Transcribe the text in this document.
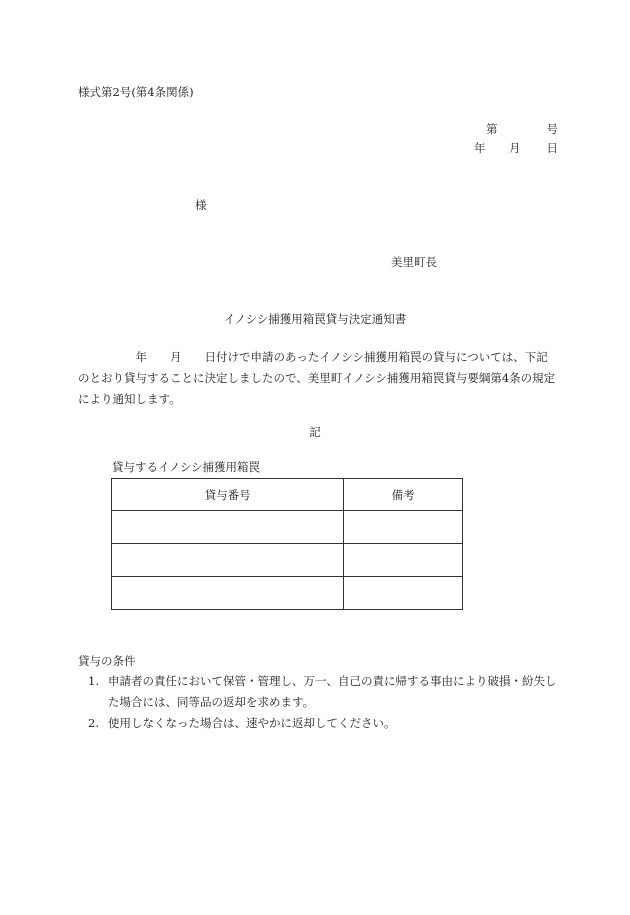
様式第2号(第4条関係)
第	号
年 月 日
様
美里町長
イノシシ捕獲用箱罠貸与決定通知書
　　　　　年　　 月　　 日付けで申請のあったイノシシ捕獲用箱罠の貸与については、下記のとおり貸与することに決定しましたので、美里町イノシシ捕獲用箱罠貸与要綱第4条の規定により通知します。
記
貸与するイノシシ捕獲用箱罠
貸与番号	備考

貸与の条件
1. 申請者の責任において保管・管理し、万一、自己の責に帰する事由により破損・紛失した場合には、同等品の返却を求めます。
2. 使用しなくなった場合は、速やかに返却してください。
